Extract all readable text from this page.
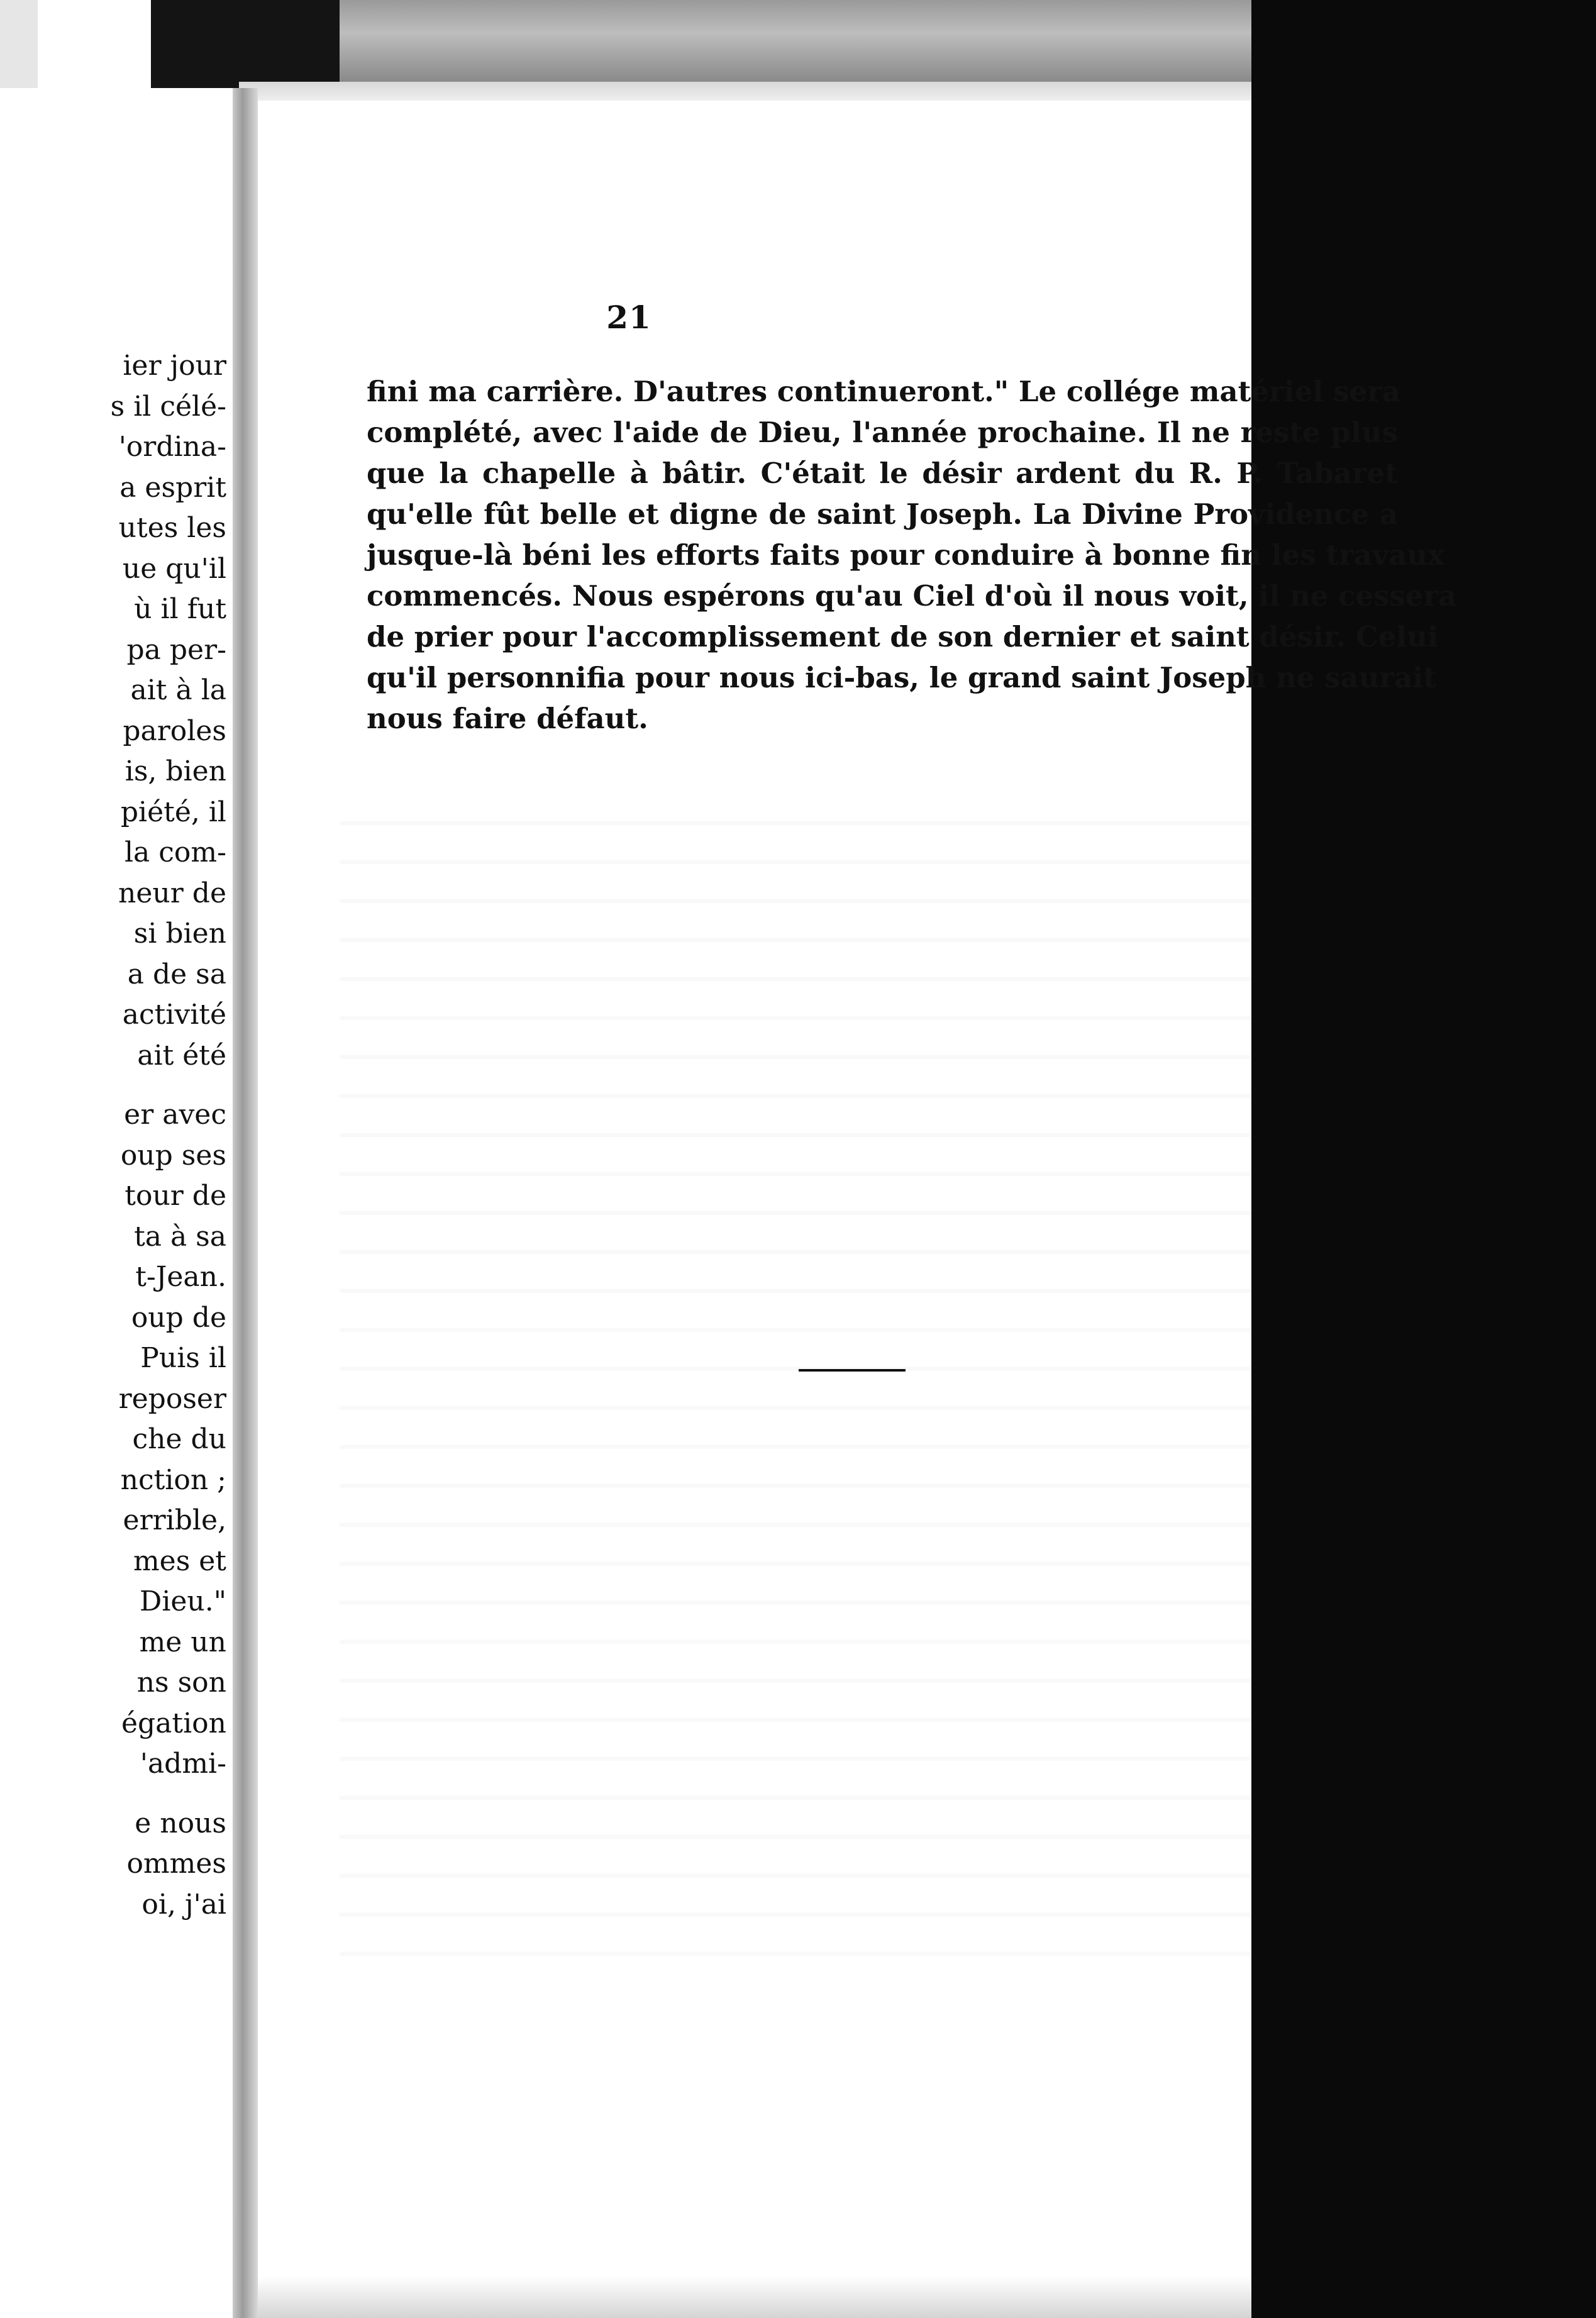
ier jour
s il célé-
'ordina-
a esprit
utes les
ue qu'il
ù il fut
pa per-
ait à la
paroles
is, bien
piété, il
la com-
neur de
si bien
a de sa
activité
ait été
er avec
oup ses
tour de
ta à sa
t-Jean.
oup de
Puis il
reposer
che du
nction ;
errible,
mes et
Dieu."
me un
ns son
égation
'admi-
e nous
ommes
oi, j'ai
21
fini ma carrière. D'autres continueront." Le collége matériel sera
complété, avec l'aide de Dieu, l'année prochaine. Il ne reste plus
que la chapelle à bâtir. C'était le désir ardent du R. P. Tabaret
qu'elle fût belle et digne de saint Joseph. La Divine Providence a
jusque-là béni les efforts faits pour conduire à bonne fin les travaux
commencés. Nous espérons qu'au Ciel d'où il nous voit, il ne cessera
de prier pour l'accomplissement de son dernier et saint désir. Celui
qu'il personnifia pour nous ici-bas, le grand saint Joseph ne saurait
nous faire défaut.
